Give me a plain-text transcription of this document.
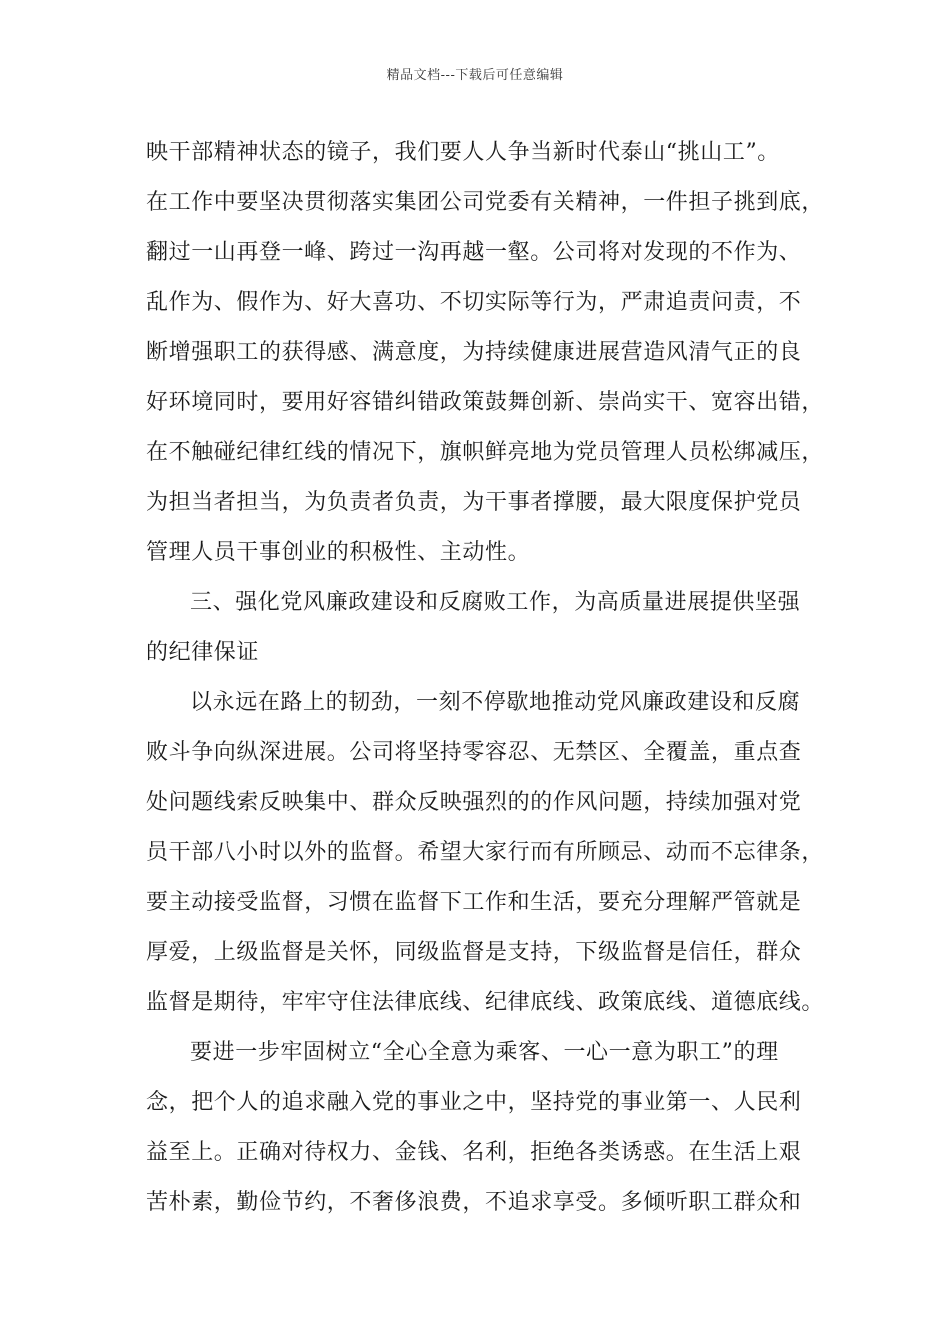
精品文档---下载后可任意编辑
映干部精神状态的镜子，我们要人人争当新时代泰山“挑山工”。
在工作中要坚决贯彻落实集团公司党委有关精神，一件担子挑到底，
翻过一山再登一峰、跨过一沟再越一壑。公司将对发现的不作为、
乱作为、假作为、好大喜功、不切实际等行为，严肃追责问责，不
断增强职工的获得感、满意度，为持续健康进展营造风清气正的良
好环境同时，要用好容错纠错政策鼓舞创新、崇尚实干、宽容出错，
在不触碰纪律红线的情况下，旗帜鲜亮地为党员管理人员松绑减压，
为担当者担当，为负责者负责，为干事者撑腰，最大限度保护党员
管理人员干事创业的积极性、主动性。
三、强化党风廉政建设和反腐败工作，为高质量进展提供坚强
的纪律保证
以永远在路上的韧劲，一刻不停歇地推动党风廉政建设和反腐
败斗争向纵深进展。公司将坚持零容忍、无禁区、全覆盖，重点查
处问题线索反映集中、群众反映强烈的的作风问题，持续加强对党
员干部八小时以外的监督。希望大家行而有所顾忌、动而不忘律条，
要主动接受监督，习惯在监督下工作和生活，要充分理解严管就是
厚爱，上级监督是关怀，同级监督是支持，下级监督是信任，群众
监督是期待，牢牢守住法律底线、纪律底线、政策底线、道德底线。
要进一步牢固树立“全心全意为乘客、一心一意为职工”的理
念，把个人的追求融入党的事业之中，坚持党的事业第一、人民利
益至上。正确对待权力、金钱、名利，拒绝各类诱惑。在生活上艰
苦朴素，勤俭节约，不奢侈浪费，不追求享受。多倾听职工群众和
